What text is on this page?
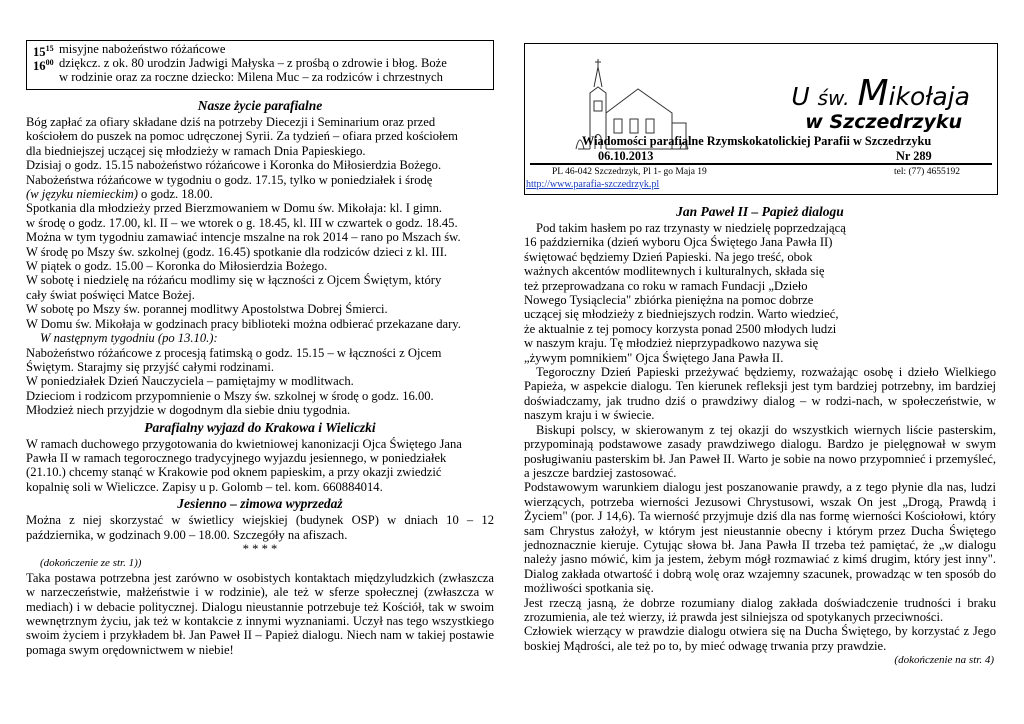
$15^{15}$ misyjne nabożeństwo różańcowe
$16^{00}$ dziękcz. z ok. 80 urodzin Jadwigi Małyska – z prośbą o zdrowie i błog. Boże
w rodzinie oraz za roczne dziecko: Milena Muc – za rodziców i chrzestnych
Nasze życie parafialne

Bóg zapłać za ofiary składane dziś na potrzeby Diecezji i Seminarium oraz przed

kościołem do puszek na pomoc udręczonej Syrii. Za tydzień – ofiara przed kościołem

dla biedniejszej uczącej się młodzieży w ramach Dnia Papieskiego.

Dzisiaj o godz. 15.15 nabożeństwo różańcowe i Koronka do Miłosierdzia Bożego.

Nabożeństwa różańcowe w tygodniu o godz. 17.15, tylko w poniedziałek i środę

(w języku niemieckim) o godz. 18.00.

Spotkania dla młodzieży przed Bierzmowaniem w Domu św. Mikołaja: kl. I gimn.

w środę o godz. 17.00, kl. II – we wtorek o g. 18.45, kl. III w czwartek o godz. 18.45.

Można w tym tygodniu zamawiać intencje mszalne na rok 2014 – rano po Mszach św.

W środę po Mszy św. szkolnej (godz. 16.45) spotkanie dla rodziców dzieci z kl. III.

W piątek o godz. 15.00 – Koronka do Miłosierdzia Bożego.

W sobotę i niedzielę na różańcu modlimy się w łączności z Ojcem Świętym, który

cały świat poświęci Matce Bożej.

W sobotę po Mszy św. porannej modlitwy Apostolstwa Dobrej Śmierci.

W Domu św. Mikołaja w godzinach pracy biblioteki można odbierać przekazane dary.

W następnym tygodniu (po 13.10.):

Nabożeństwo różańcowe z procesją fatimską o godz. 15.15 – w łączności z Ojcem

Świętym. Starajmy się przyjść całymi rodzinami.

W poniedziałek Dzień Nauczyciela – pamiętajmy w modlitwach.

Dzieciom i rodzicom przypomnienie o Mszy św. szkolnej w środę o godz. 16.00.

Młodzież niech przyjdzie w dogodnym dla siebie dniu tygodnia.

Parafialny wyjazd do Krakowa i Wieliczki

W ramach duchowego przygotowania do kwietniowej kanonizacji Ojca Świętego Jana

Pawła II w ramach tegorocznego tradycyjnego wyjazdu jesiennego, w poniedziałek

(21.10.) chcemy stanąć w Krakowie pod oknem papieskim, a przy okazji zwiedzić

kopalnię soli w Wieliczce. Zapisy u p. Golomb – tel. kom. 660884014.

Jesienno – zimowa wyprzedaż

Można z niej skorzystać w świetlicy wiejskiej (budynek OSP) w dniach 10 – 12 października, w godzinach 9.00 – 18.00. Szczegóły na afiszach.

* * * *

(dokończenie ze str. 1))

Taka postawa potrzebna jest zarówno w osobistych kontaktach międzyludzkich (zwłaszcza w narzeczeństwie, małżeństwie i w rodzinie), ale też w sferze społecznej (zwłaszcza w mediach) i w debacie politycznej. Dialogu nieustannie potrzebuje też Kościół, tak w swoim wewnętrznym życiu, jak też w kontakcie z innymi wyznaniami. Uczył nas tego wszystkiego swoim życiem i przykładem bł. Jan Paweł II – Papież dialogu. Niech nam w takiej postawie pomaga swym orędownictwem w niebie!

U św. Mikołaja
w Szczedrzyku
Wiadomości parafialne Rzymskokatolickiej Parafii w Szczedrzyku
06.10.2013	Nr 289
PL 46-042 Szczedrzyk, Pl 1- go Maja 19	tel: (77) 4655192
http://www.parafia-szczedrzyk.pl
Jan Paweł II – Papież dialogu

Pod takim hasłem po raz trzynasty w niedzielę poprzedzającą

16 października (dzień wyboru Ojca Świętego Jana Pawła II)

świętować będziemy Dzień Papieski. Na jego treść, obok

ważnych akcentów modlitewnych i kulturalnych, składa się

też przeprowadzana co roku w ramach Fundacji „Dzieło

Nowego Tysiąclecia" zbiórka pieniężna na pomoc dobrze

uczącej się młodzieży z biedniejszych rodzin. Warto wiedzieć,

że aktualnie z tej pomocy korzysta ponad 2500 młodych ludzi

w naszym kraju. Tę młodzież nieprzypadkowo nazywa się

„żywym pomnikiem" Ojca Świętego Jana Pawła II.

Tegoroczny Dzień Papieski przeżywać będziemy, rozważając osobę i dzieło Wielkiego Papieża, w aspekcie dialogu. Ten kierunek refleksji jest tym bardziej potrzebny, im bardziej doświadczamy, jak trudno dziś o prawdziwy dialog – w rodzi-nach, w społeczeństwie, w naszym kraju i w świecie.

Biskupi polscy, w skierowanym z tej okazji do wszystkich wiernych liście pasterskim, przypominają podstawowe zasady prawdziwego dialogu. Bardzo je pielęgnował w swym posługiwaniu pasterskim bł. Jan Paweł II. Warto je sobie na nowo przypomnieć i przemyśleć, a jeszcze bardziej zastosować.

Podstawowym warunkiem dialogu jest poszanowanie prawdy, a z tego płynie dla nas, ludzi wierzących, potrzeba wierności Jezusowi Chrystusowi, wszak On jest „Drogą, Prawdą i Życiem" (por. J 14,6). Ta wierność przyjmuje dziś dla nas formę wierności Kościołowi, który sam Chrystus założył, w którym jest nieustannie obecny i którym przez Ducha Świętego jednoznacznie kieruje. Cytując słowa bł. Jana Pawła II trzeba też pamiętać, że „w dialogu należy jasno mówić, kim ja jestem, żebym mógł rozmawiać z kimś drugim, który jest inny". Dialog zakłada otwartość i dobrą wolę oraz wzajemny szacunek, prowadząc w ten sposób do możliwości spotkania się.

Jest rzeczą jasną, że dobrze rozumiany dialog zakłada doświadczenie trudności i braku zrozumienia, ale też wierzy, iż prawda jest silniejsza od spotykanych przeciwności.

Człowiek wierzący w prawdzie dialogu otwiera się na Ducha Świętego, by korzystać z Jego boskiej Mądrości, ale też po to, by mieć odwagę trwania przy prawdzie.

(dokończenie na str. 4)
